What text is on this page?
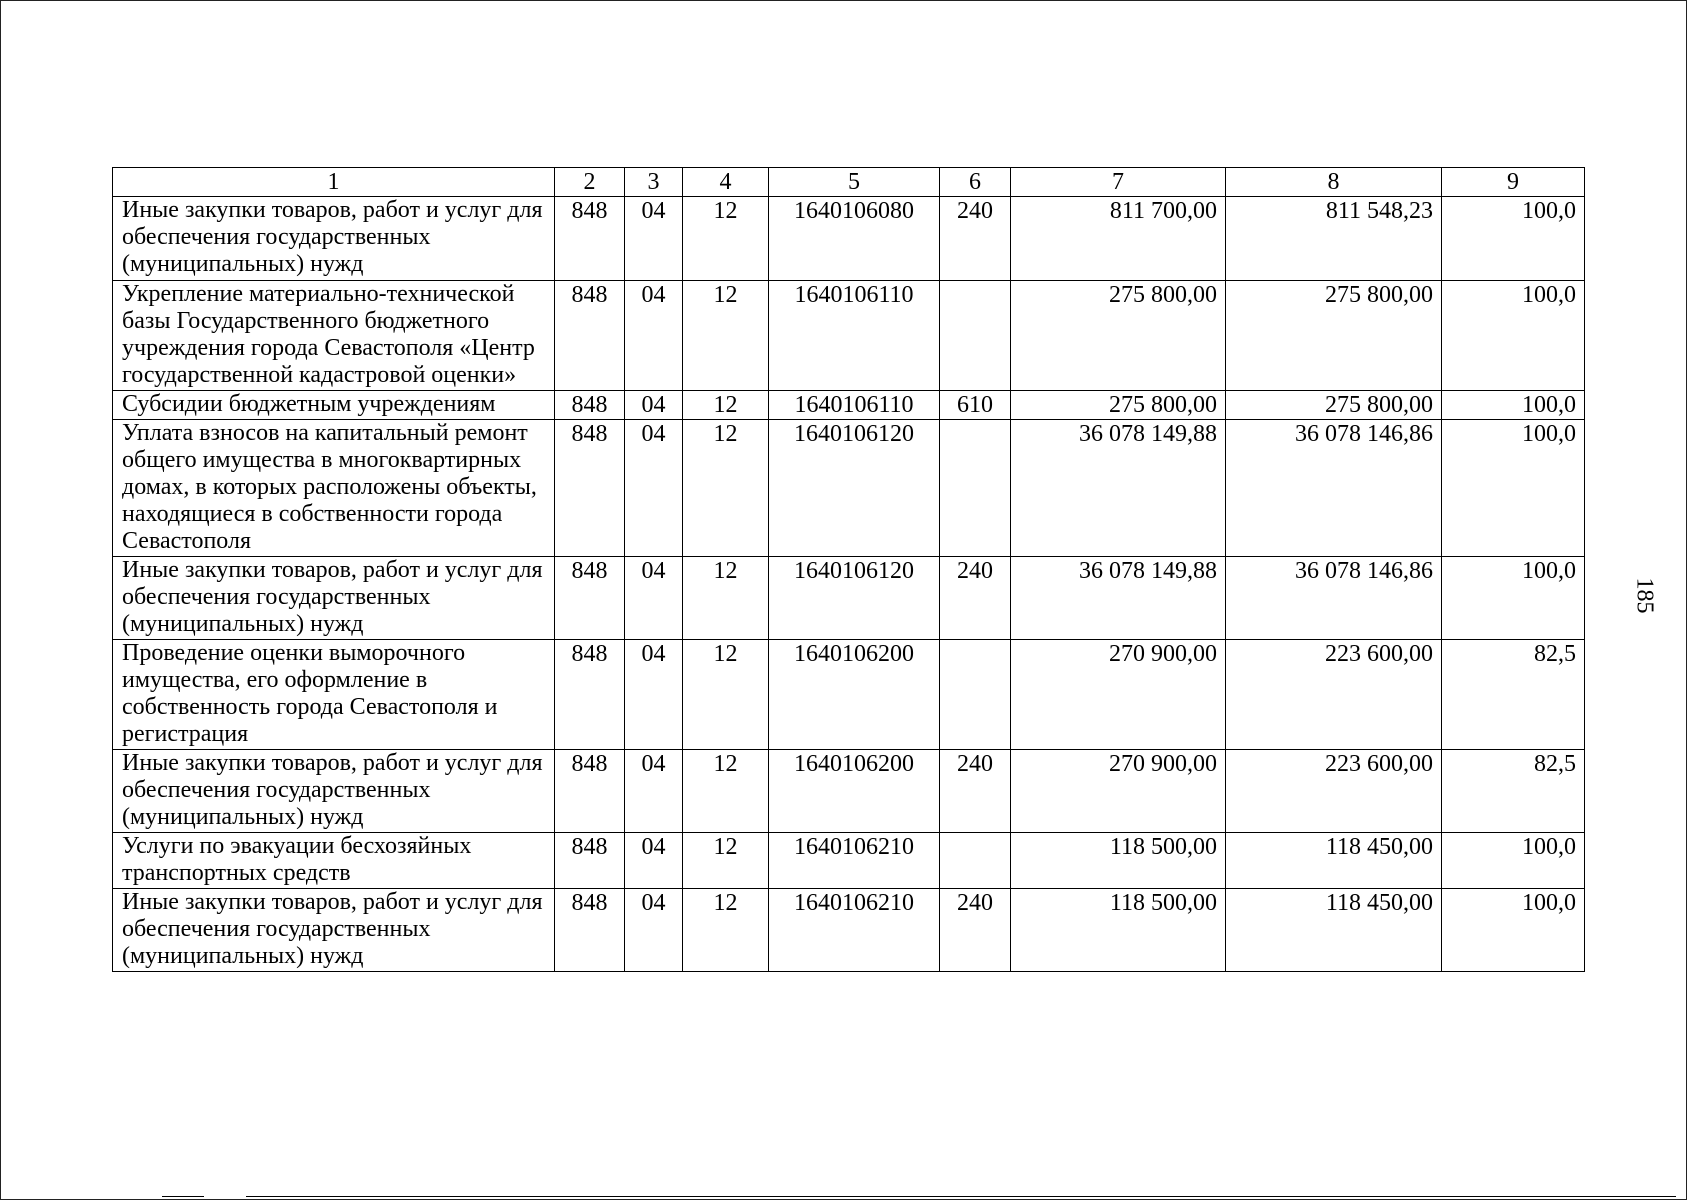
1	2	3	4	5	6	7	8	9
Иные закупки товаров, работ и услуг для обеспечения государственных (муниципальных) нужд	848	04	12	1640106080	240	811 700,00	811 548,23	100,0
Укрепление материально-технической базы Государственного бюджетного учреждения города Севастополя «Центр государственной кадастровой оценки»	848	04	12	1640106110		275 800,00	275 800,00	100,0
Субсидии бюджетным учреждениям	848	04	12	1640106110	610	275 800,00	275 800,00	100,0
Уплата взносов на капитальный ремонт общего имущества в многоквартирных домах, в которых расположены объекты, находящиеся в собственности города Севастополя	848	04	12	1640106120		36 078 149,88	36 078 146,86	100,0
Иные закупки товаров, работ и услуг для обеспечения государственных (муниципальных) нужд	848	04	12	1640106120	240	36 078 149,88	36 078 146,86	100,0
Проведение оценки выморочного имущества, его оформление в собственность города Севастополя и регистрация	848	04	12	1640106200		270 900,00	223 600,00	82,5
Иные закупки товаров, работ и услуг для обеспечения государственных (муниципальных) нужд	848	04	12	1640106200	240	270 900,00	223 600,00	82,5
Услуги по эвакуации бесхозяйных транспортных средств	848	04	12	1640106210		118 500,00	118 450,00	100,0
Иные закупки товаров, работ и услуг для обеспечения государственных (муниципальных) нужд	848	04	12	1640106210	240	118 500,00	118 450,00	100,0
185
